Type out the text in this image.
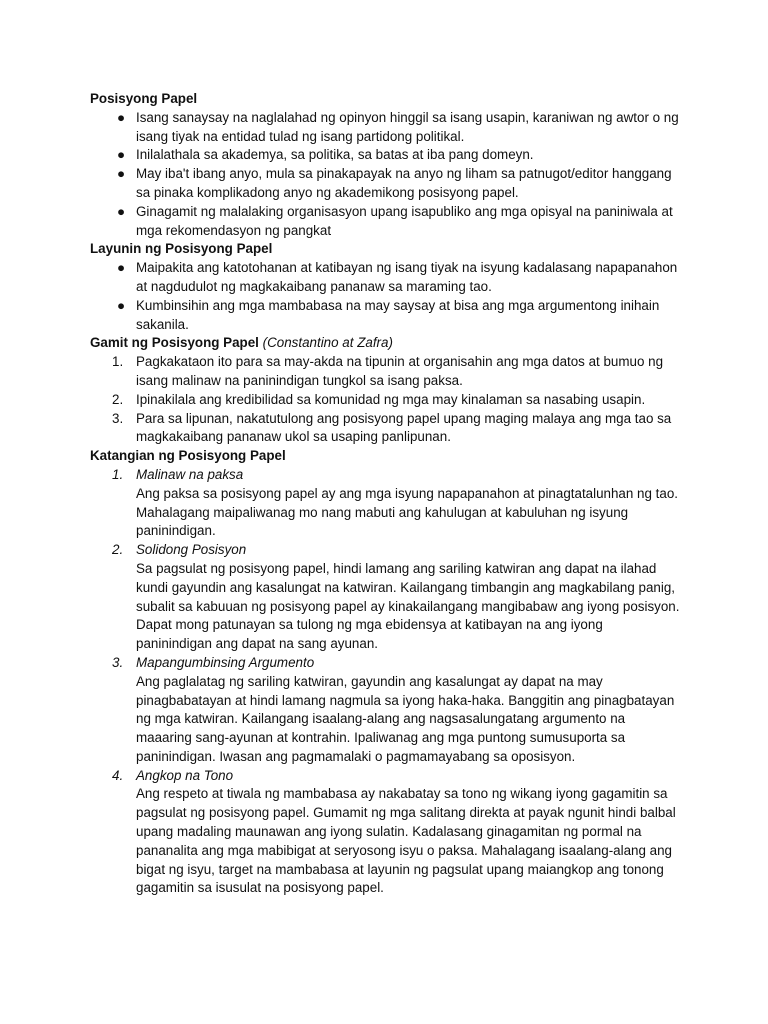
Posisyong Papel

● Isang sanaysay na naglalahad ng opinyon hinggil sa isang usapin, karaniwan ng awtor o ng isang tiyak na entidad tulad ng isang partidong politikal.
● Inilalathala sa akademya, sa politika, sa batas at iba pang domeyn.
● May iba't ibang anyo, mula sa pinakapayak na anyo ng liham sa patnugot/editor hanggang sa pinaka komplikadong anyo ng akademikong posisyong papel.
● Ginagamit ng malalaking organisasyon upang isapubliko ang mga opisyal na paniniwala at mga rekomendasyon ng pangkat

Layunin ng Posisyong Papel

● Maipakita ang katotohanan at katibayan ng isang tiyak na isyung kadalasang napapanahon at nagdudulot ng magkakaibang pananaw sa maraming tao.
● Kumbinsihin ang mga mambabasa na may saysay at bisa ang mga argumentong inihain sakanila.

Gamit ng Posisyong Papel (Constantino at Zafra)

1. Pagkakataon ito para sa may-akda na tipunin at organisahin ang mga datos at bumuo ng isang malinaw na paninindigan tungkol sa isang paksa.
2. Ipinakilala ang kredibilidad sa komunidad ng mga may kinalaman sa nasabing usapin.
3. Para sa lipunan, nakatutulong ang posisyong papel upang maging malaya ang mga tao sa magkakaibang pananaw ukol sa usaping panlipunan.

Katangian ng Posisyong Papel

1. Malinaw na paksa

Ang paksa sa posisyong papel ay ang mga isyung napapanahon at pinagtatalunhan ng tao. Mahalagang maipaliwanag mo nang mabuti ang kahulugan at kabuluhan ng isyung paninindigan.

2. Solidong Posisyon

Sa pagsulat ng posisyong papel, hindi lamang ang sariling katwiran ang dapat na ilahad kundi gayundin ang kasalungat na katwiran. Kailangang timbangin ang magkabilang panig, subalit sa kabuuan ng posisyong papel ay kinakailangang mangibabaw ang iyong posisyon. Dapat mong patunayan sa tulong ng mga ebidensya at katibayan na ang iyong paninindigan ang dapat na sang ayunan.

3. Mapangumbinsing Argumento

Ang paglalatag ng sariling katwiran, gayundin ang kasalungat ay dapat na may pinagbabatayan at hindi lamang nagmula sa iyong haka-haka. Banggitin ang pinagbatayan ng mga katwiran. Kailangang isaalang-alang ang nagsasalungatang argumento na maaaring sang-ayunan at kontrahin. Ipaliwanag ang mga puntong sumusuporta sa paninindigan. Iwasan ang pagmamalaki o pagmamayabang sa oposisyon.

4. Angkop na Tono

Ang respeto at tiwala ng mambabasa ay nakabatay sa tono ng wikang iyong gagamitin sa pagsulat ng posisyong papel. Gumamit ng mga salitang direkta at payak ngunit hindi balbal upang madaling maunawan ang iyong sulatin. Kadalasang ginagamitan ng pormal na pananalita ang mga mabibigat at seryosong isyu o paksa. Mahalagang isaalang-alang ang bigat ng isyu, target na mambabasa at layunin ng pagsulat upang maiangkop ang tonong gagamitin sa isusulat na posisyong papel.
